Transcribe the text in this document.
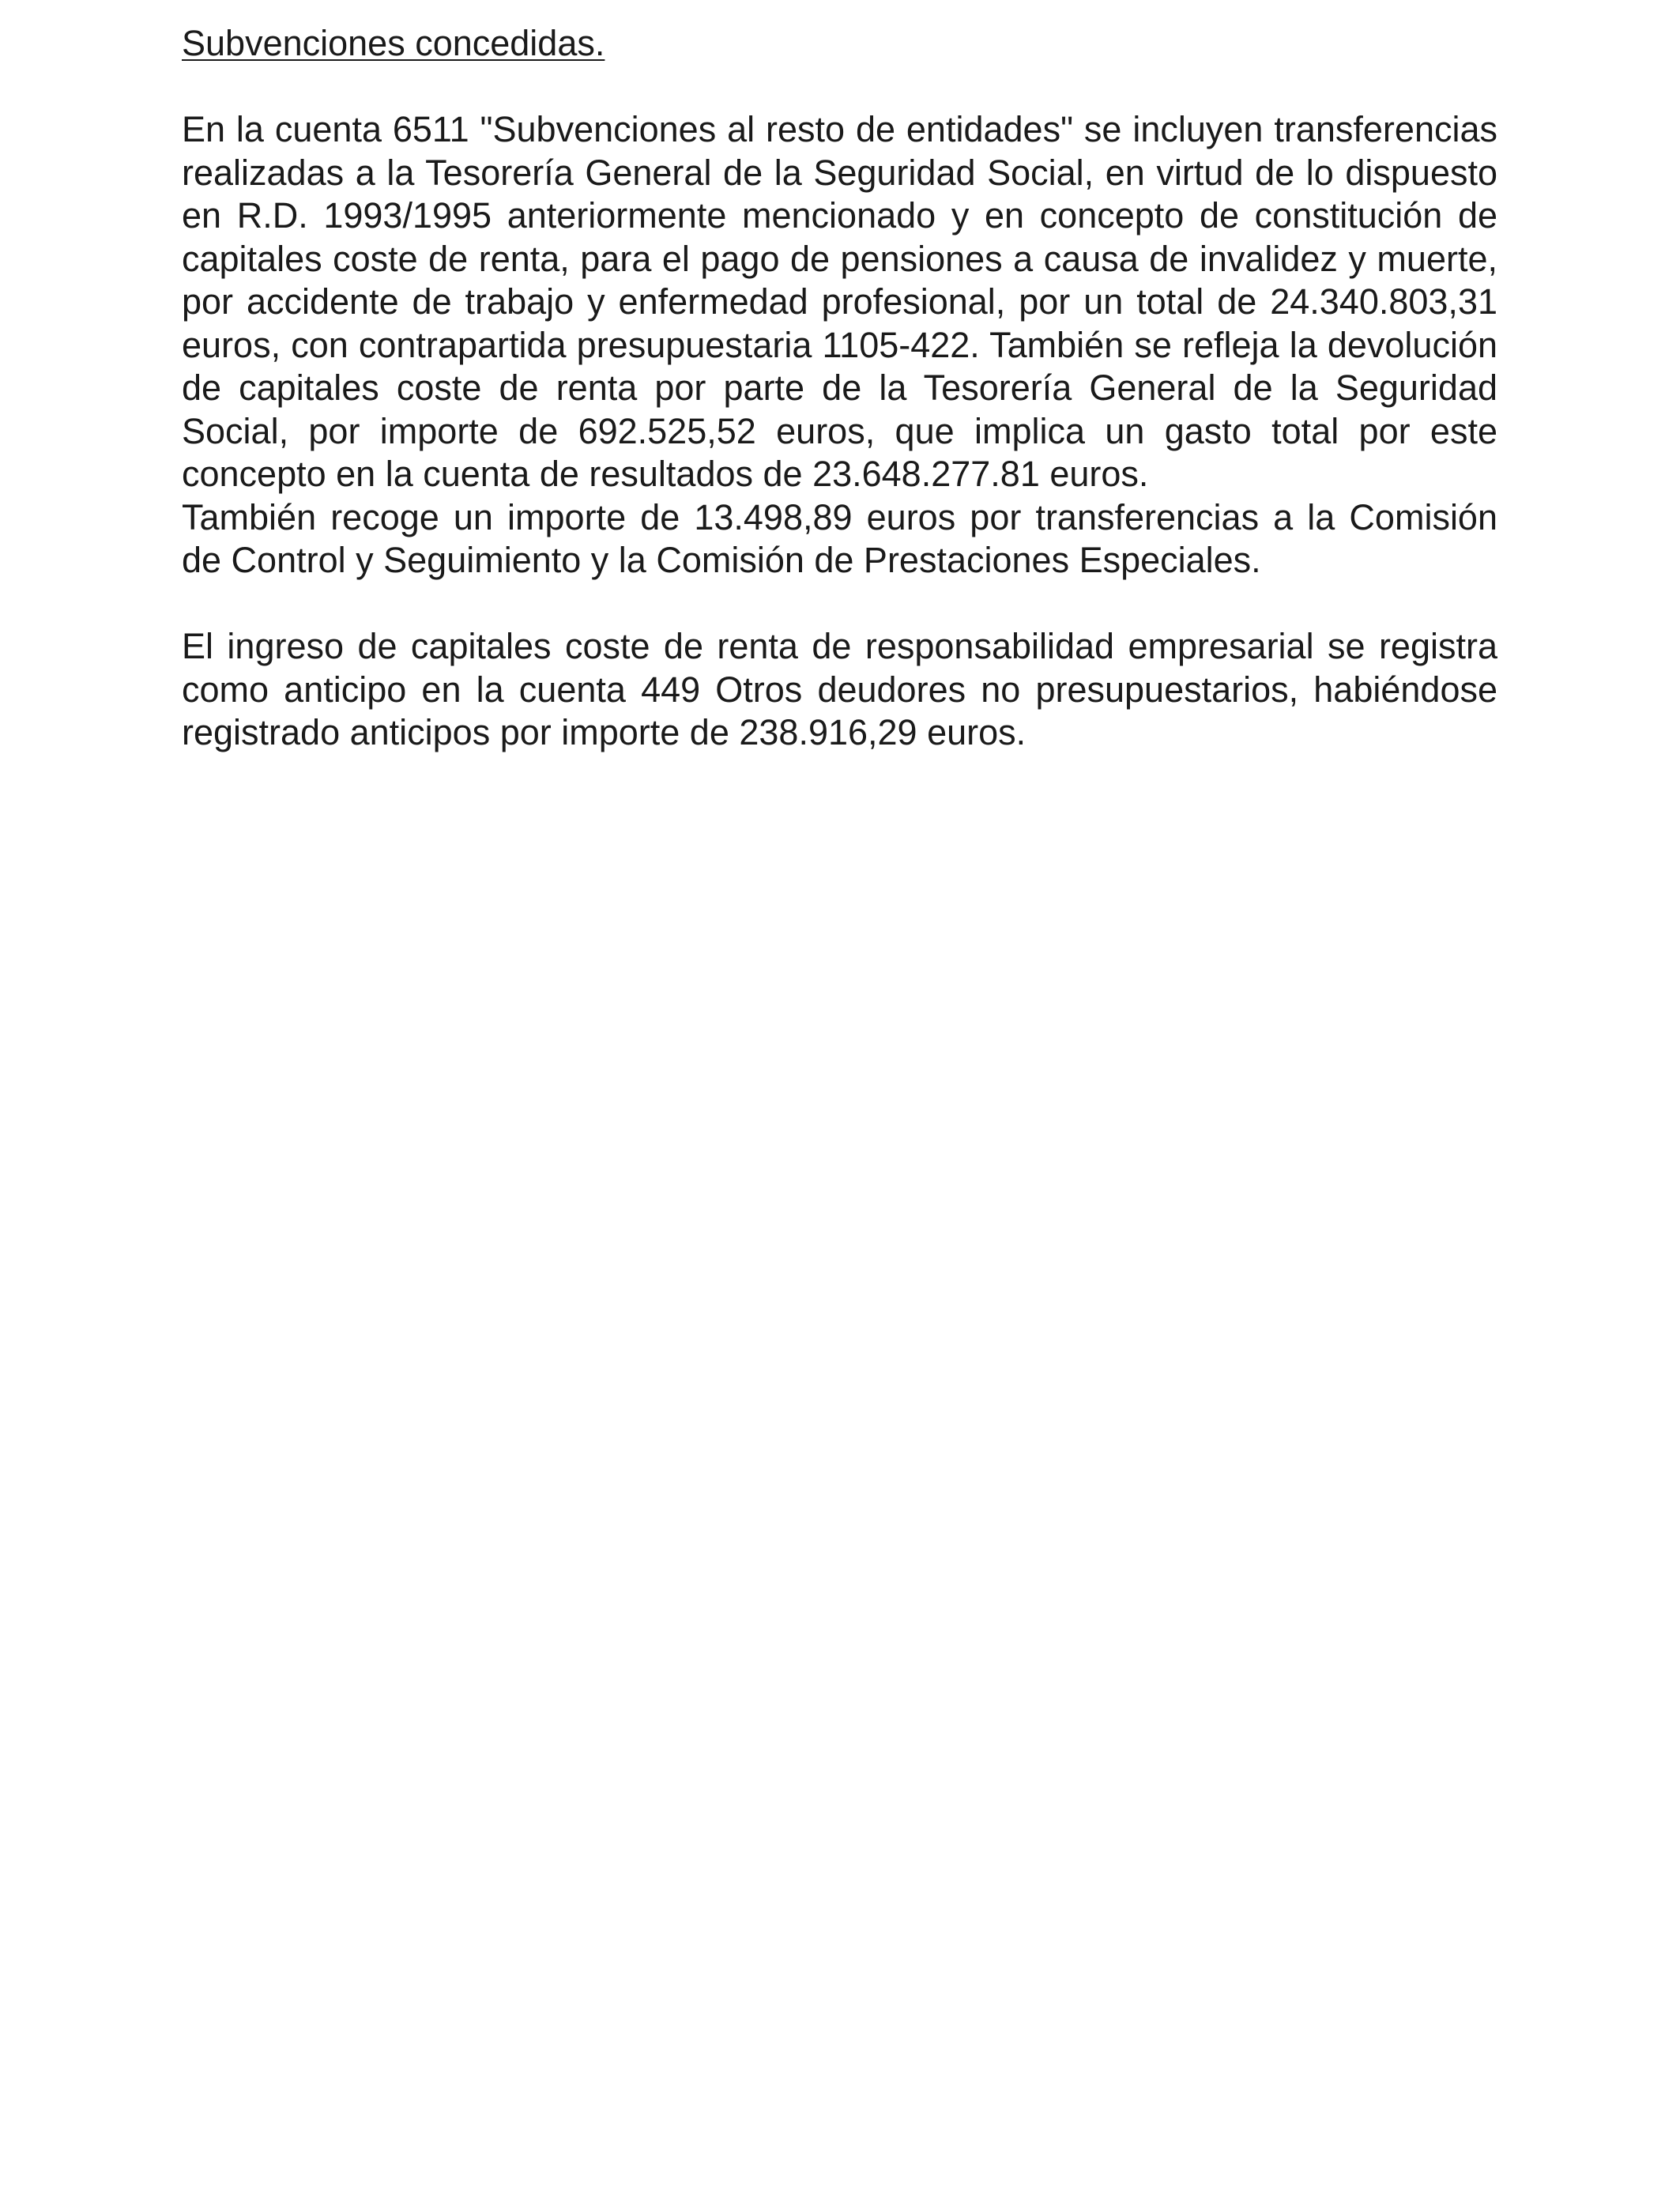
Subvenciones concedidas.

En la cuenta 6511 "Subvenciones al resto de entidades" se incluyen transferencias realizadas a la Tesorería General de la Seguridad Social, en virtud de lo dispuesto en R.D. 1993/1995 anteriormente mencionado y en concepto de constitución de capitales coste de renta, para el pago de pensiones a causa de invalidez y muerte, por accidente de trabajo y enfermedad profesional, por un total de 24.340.803,31 euros, con contrapartida presupuestaria 1105-422. También se refleja la devolución de capitales coste de renta por parte de la Tesorería General de la Seguridad Social, por importe de 692.525,52 euros, que implica un gasto total por este concepto en la cuenta de resultados de 23.648.277.81 euros.

También recoge un importe de 13.498,89 euros por transferencias a la Comisión de Control y Seguimiento y la Comisión de Prestaciones Especiales.

El ingreso de capitales coste de renta de responsabilidad empresarial se registra como anticipo en la cuenta 449 Otros deudores no presupuestarios, habiéndose registrado anticipos por importe de 238.916,29 euros.
